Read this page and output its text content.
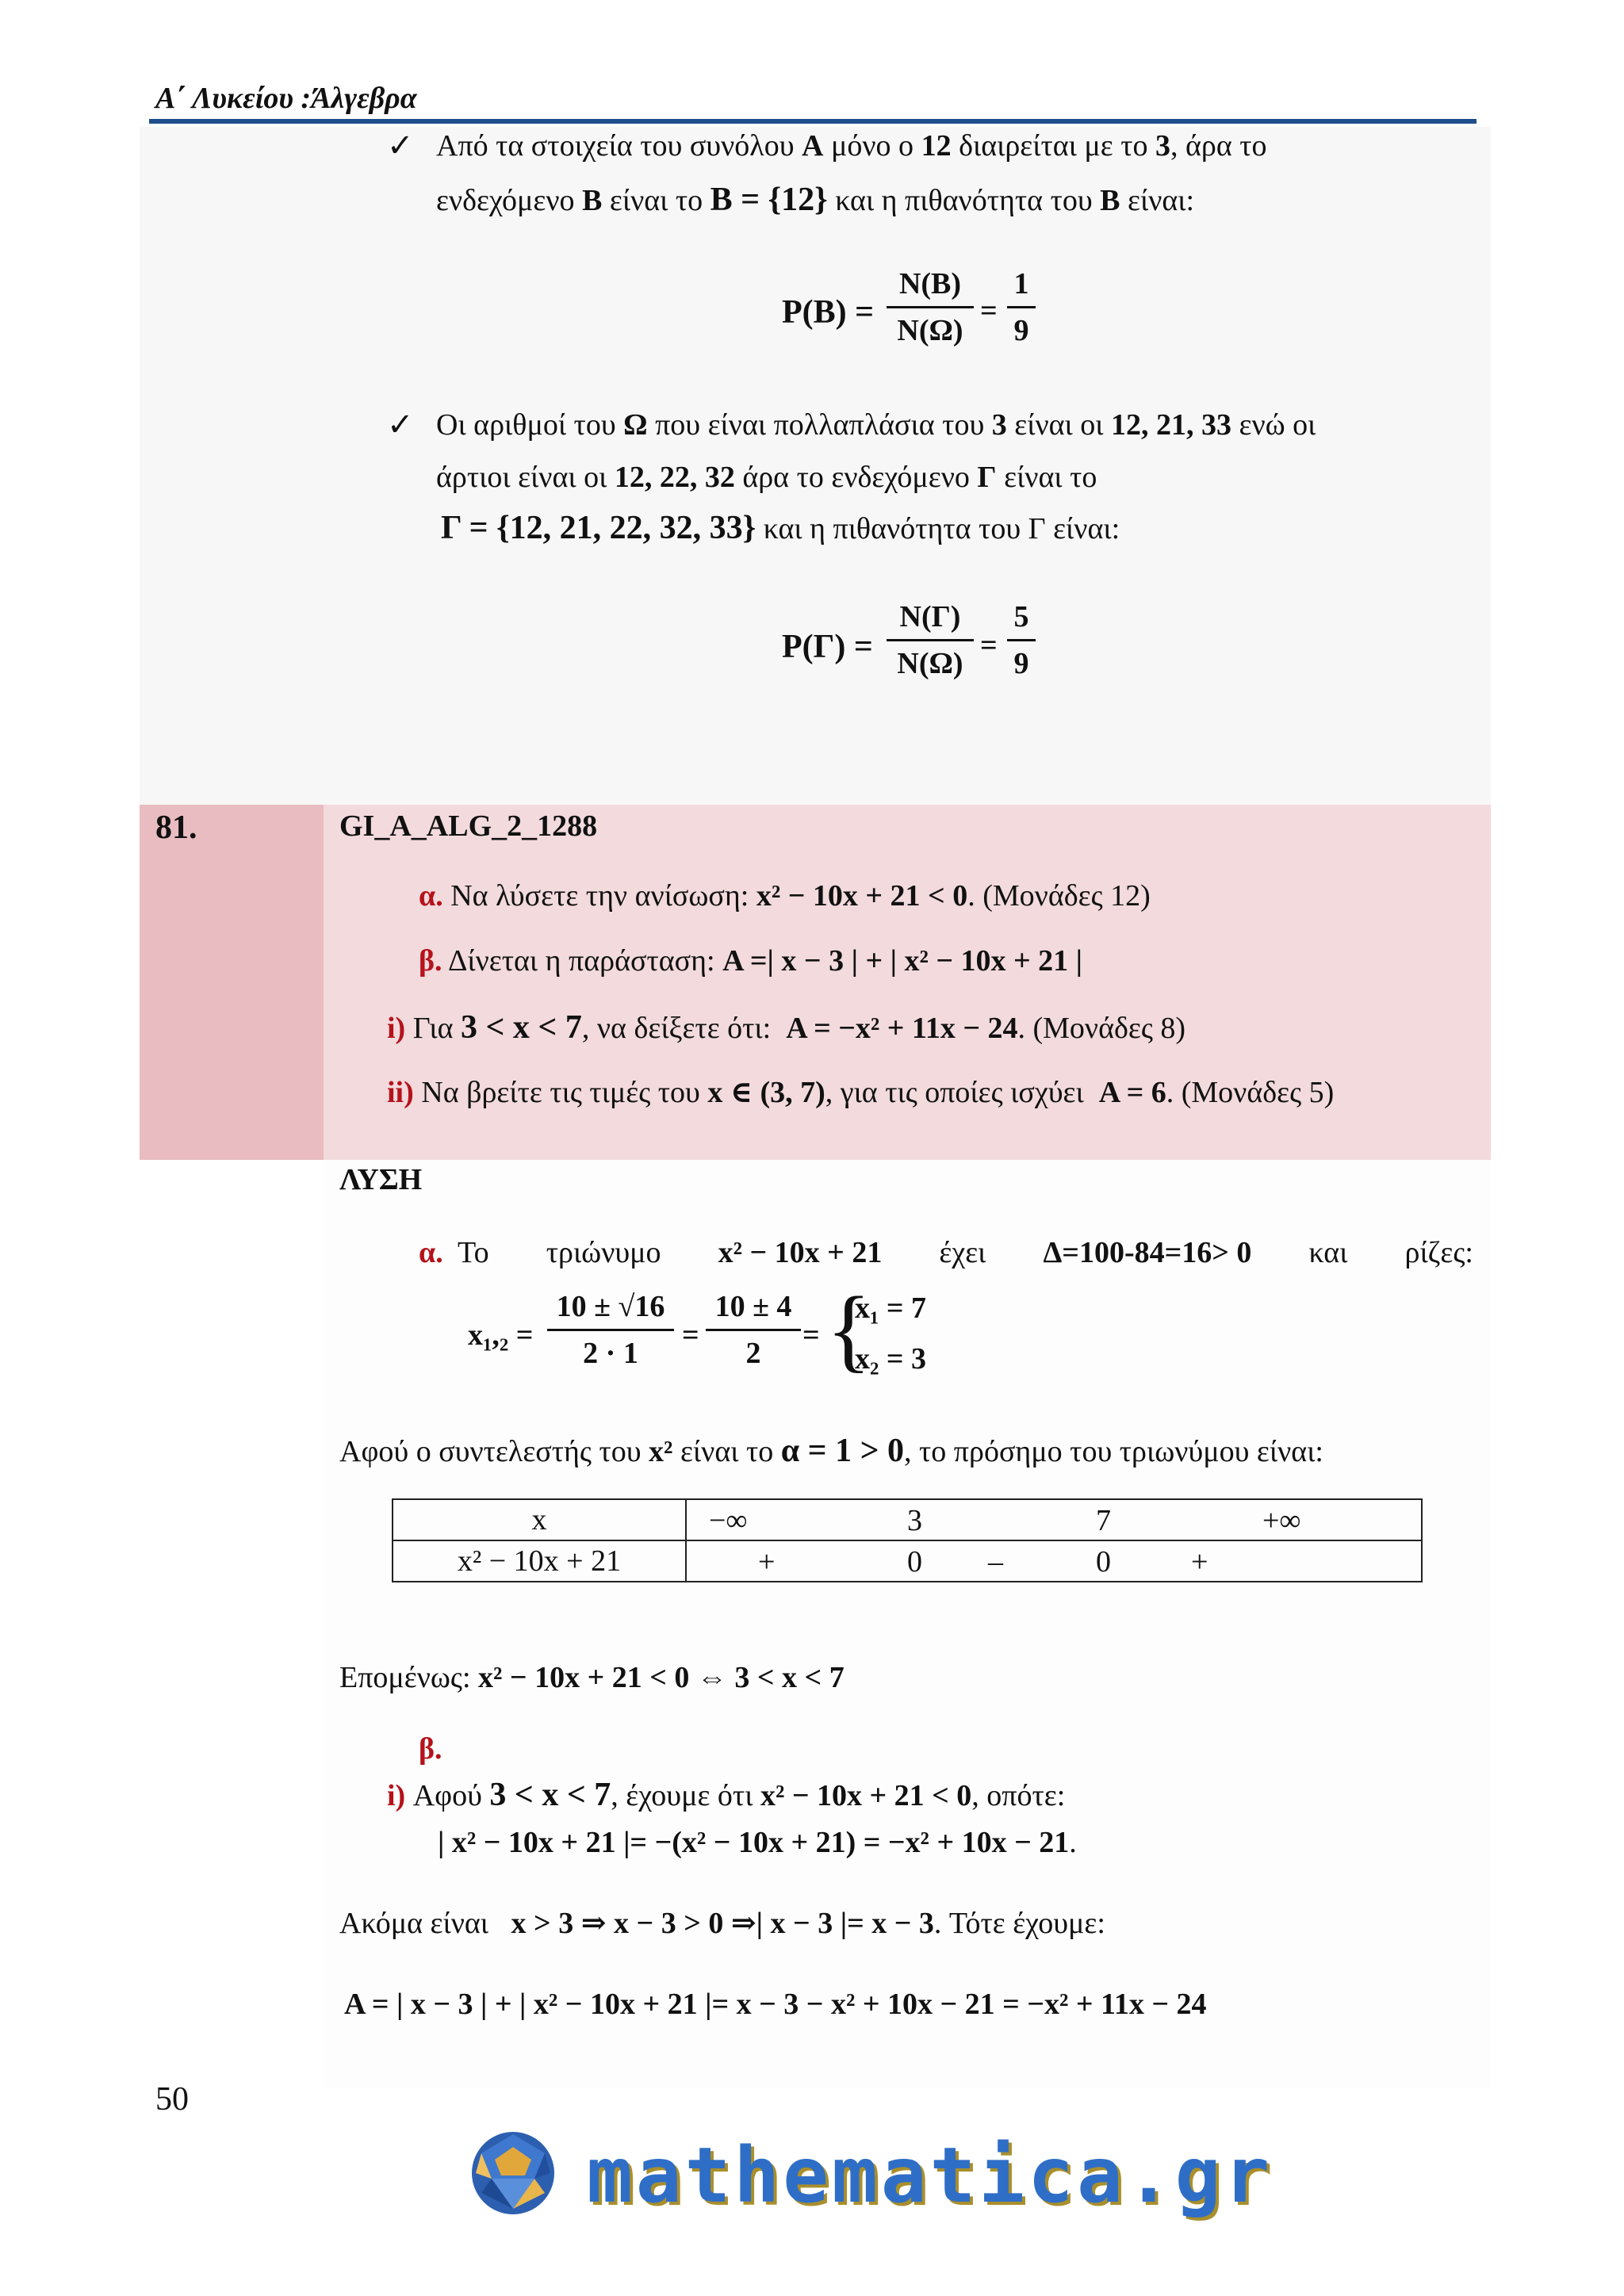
Α΄ Λυκείου :Άλγεβρα
✓ Από τα στοιχεία του συνόλου Α μόνο ο 12 διαιρείται με το 3, άρα το
ενδεχόμενο Β είναι το Β = {12} και η πιθανότητα του Β είναι:
P(Β) =
N(Β)
N(Ω)
=
1
9
✓ Οι αριθμοί του Ω που είναι πολλαπλάσια του 3 είναι οι 12, 21, 33 ενώ οι
άρτιοι είναι οι 12, 22, 32 άρα το ενδεχόμενο Γ είναι το
Γ = {12, 21, 22, 32, 33} και η πιθανότητα του Γ είναι:
P(Γ) =
N(Γ)
N(Ω)
=
5
9
81.	GI_A_ALG_2_1288
α. Να λύσετε την ανίσωση: x² − 10x + 21 < 0. (Μονάδες 12)
β. Δίνεται η παράσταση: A =| x − 3 | + | x² − 10x + 21 |
i) Για 3 < x < 7, να δείξετε ότι: A = −x² + 11x − 24. (Μονάδες 8)
ii) Να βρείτε τις τιμές του x ∈ (3, 7), για τις οποίες ισχύει A = 6. (Μονάδες 5)
ΛΥΣΗ
α. Το τριώνυμο x² − 10x + 21 έχει Δ=100-84=16> 0 και ρίζες:
x₁,₂ =
10 ± √16
2 · 1
=
10 ± 4
2
= {
x₁ = 7
x₂ = 3
Αφού ο συντελεστής του x² είναι το α = 1 > 0, το πρόσημο του τριωνύμου είναι:
x	−∞ 3 7 +∞

x² − 10x + 21	+ 0 – 0 +
Επομένως: x² − 10x + 21 < 0 ⇔ 3 < x < 7
β.
i) Αφού 3 < x < 7, έχουμε ότι x² − 10x + 21 < 0, οπότε:
| x² − 10x + 21 |= −(x² − 10x + 21) = −x² + 10x − 21.
Ακόμα είναι x > 3 ⇒ x − 3 > 0 ⇒| x − 3 |= x − 3. Τότε έχουμε:
A = | x − 3 | + | x² − 10x + 21 |= x − 3 − x² + 10x − 21 = −x² + 11x − 24
50
mathematica.gr
